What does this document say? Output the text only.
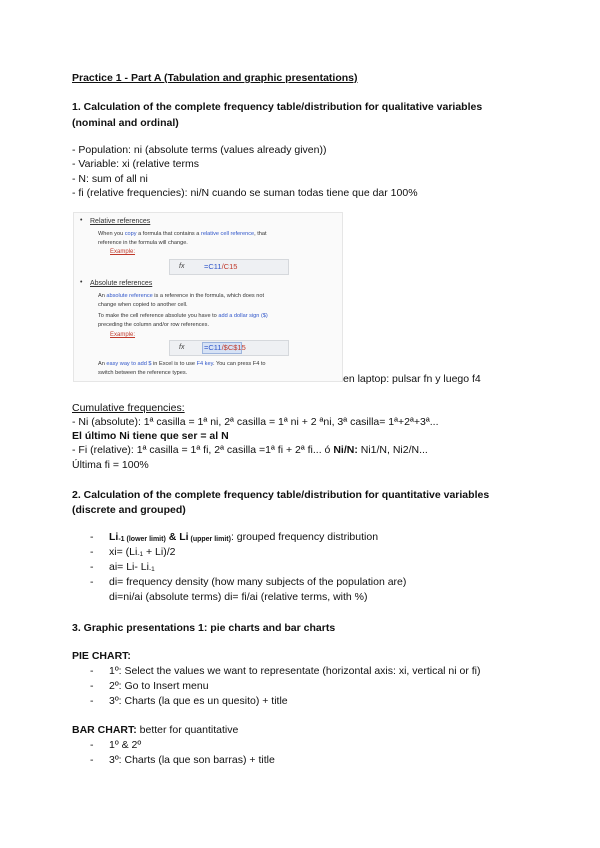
Practice 1 - Part A (Tabulation and graphic presentations)
1. Calculation of the complete frequency table/distribution for qualitative variables
(nominal and ordinal)
- Population: ni (absolute terms (values already given))
- Variable: xi (relative terms
- N: sum of all ni
- fi (relative frequencies): ni/N cuando se suman todas tiene que dar 100%
• Relative references
When you copy a formula that contains a relative cell reference, that
reference in the formula will change.
Example:
fx	=C11/C15
• Absolute references
An absolute reference is a reference in the formula, which does not
change when copied to another cell.
To make the cell reference absolute you have to add a dollar sign ($)
preceding the column and/or row references.
Example:
fx	=C11/$C$15
An easy way to add $ in Excel is to use F4 key. You can press F4 to
switch between the reference types.	en laptop: pulsar fn y luego f4
Cumulative frequencies:
- Ni (absolute): 1ª casilla = 1ª ni, 2ª casilla = 1ª ni + 2 ªni, 3ª casilla= 1ª+2ª+3ª...
El último Ni tiene que ser = al N
- Fi (relative): 1ª casilla = 1ª fi, 2ª casilla =1ª fi + 2ª fi... ó Ni/N: Ni1/N, Ni2/N...
Última fi = 100%
2. Calculation of the complete frequency table/distribution for quantitative variables
(discrete and grouped)
- $Li_{-1 (lower limit)}$ & Li $_{(upper limit)}$: grouped frequency distribution
- $xi= (Li_{-1} + Li)/2$
- ai= Li- $Li_{-1}$
- di= frequency density (how many subjects of the population are)
di=ni/ai (absolute terms) di= fi/ai (relative terms, with %)
3. Graphic presentations 1: pie charts and bar charts
PIE CHART:
- 1º: Select the values we want to representate (horizontal axis: xi, vertical ni or fi)
- 2º: Go to Insert menu
- 3º: Charts (la que es un quesito) + title
BAR CHART: better for quantitative
- 1º & 2º
- 3º: Charts (la que son barras) + title
